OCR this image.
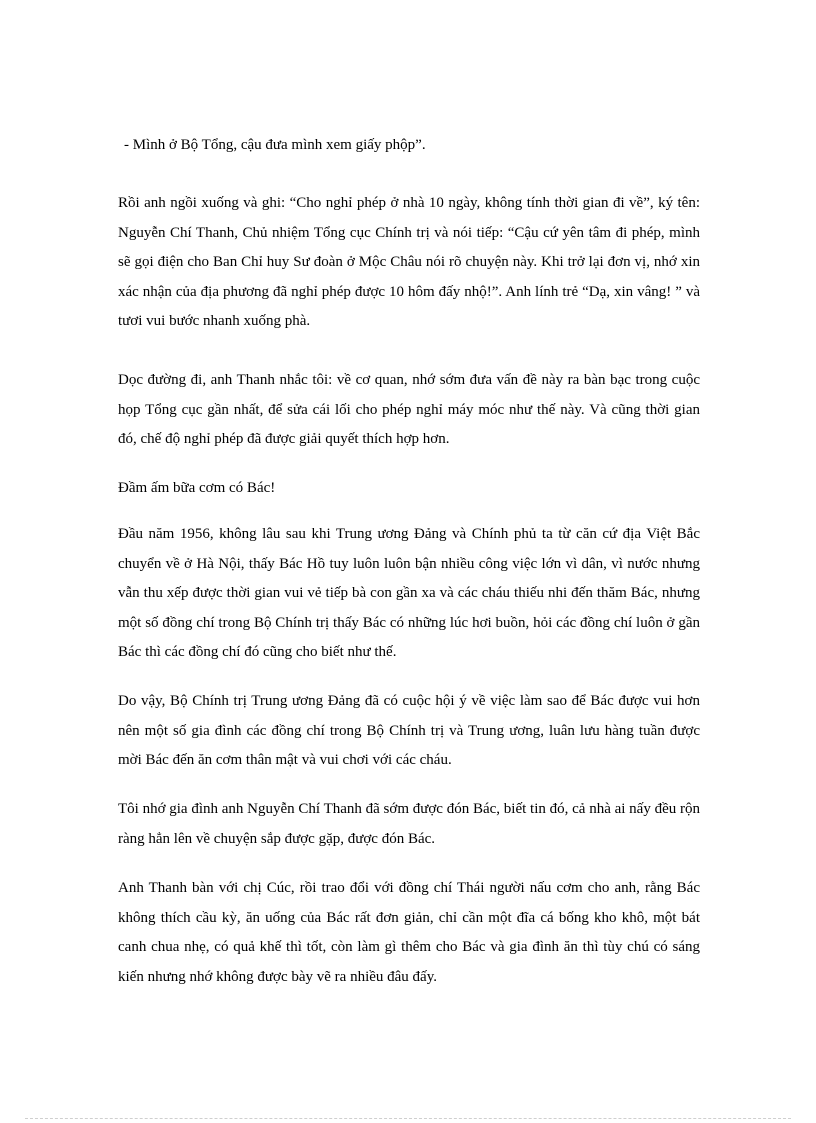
- Mình ở Bộ Tổng, cậu đưa mình xem giấy phộp”.

Rồi anh ngồi xuống và ghi: “Cho nghỉ phép ở nhà 10 ngày, không tính thời gian đi về”, ký tên: Nguyễn Chí Thanh, Chủ nhiệm Tổng cục Chính trị và nói tiếp: “Cậu cứ yên tâm đi phép, mình sẽ gọi điện cho Ban Chỉ huy Sư đoàn ở Mộc Châu nói rõ chuyện này. Khi trở lại đơn vị, nhớ xin xác nhận của địa phương đã nghỉ phép được 10 hôm đấy nhộ!”. Anh lính trẻ “Dạ, xin vâng! ” và tươi vui bước nhanh xuống phà.

Dọc đường đi, anh Thanh nhắc tôi: về cơ quan, nhớ sớm đưa vấn đề này ra bàn bạc trong cuộc họp Tổng cục gần nhất, để sửa cái lối cho phép nghỉ máy móc như thế này. Và cũng thời gian đó, chế độ nghỉ phép đã được giải quyết thích hợp hơn.

Đầm ấm bữa cơm có Bác!

Đầu năm 1956, không lâu sau khi Trung ương Đảng và Chính phủ ta từ căn cứ địa Việt Bắc chuyển về ở Hà Nội, thấy Bác Hồ tuy luôn luôn bận nhiều công việc lớn vì dân, vì nước nhưng vẫn thu xếp được thời gian vui vẻ tiếp bà con gần xa và các cháu thiếu nhi đến thăm Bác, nhưng một số đồng chí trong Bộ Chính trị thấy Bác có những lúc hơi buồn, hỏi các đồng chí luôn ở gần Bác thì các đồng chí đó cũng cho biết như thế.

Do vậy, Bộ Chính trị Trung ương Đảng đã có cuộc hội ý về việc làm sao để Bác được vui hơn nên một số gia đình các đồng chí trong Bộ Chính trị và Trung ương, luân lưu hàng tuần được mời Bác đến ăn cơm thân mật và vui chơi với các cháu.

Tôi nhớ gia đình anh Nguyễn Chí Thanh đã sớm được đón Bác, biết tin đó, cả nhà ai nấy đều rộn ràng hẳn lên về chuyện sắp được gặp, được đón Bác.

Anh Thanh bàn với chị Cúc, rồi trao đổi với đồng chí Thái người nấu cơm cho anh, rằng Bác không thích cầu kỳ, ăn uống của Bác rất đơn giản, chỉ cần một đĩa cá bống kho khô, một bát canh chua nhẹ, có quả khế thì tốt, còn làm gì thêm cho Bác và gia đình ăn thì tùy chú có sáng kiến nhưng nhớ không được bày vẽ ra nhiều đâu đấy.
